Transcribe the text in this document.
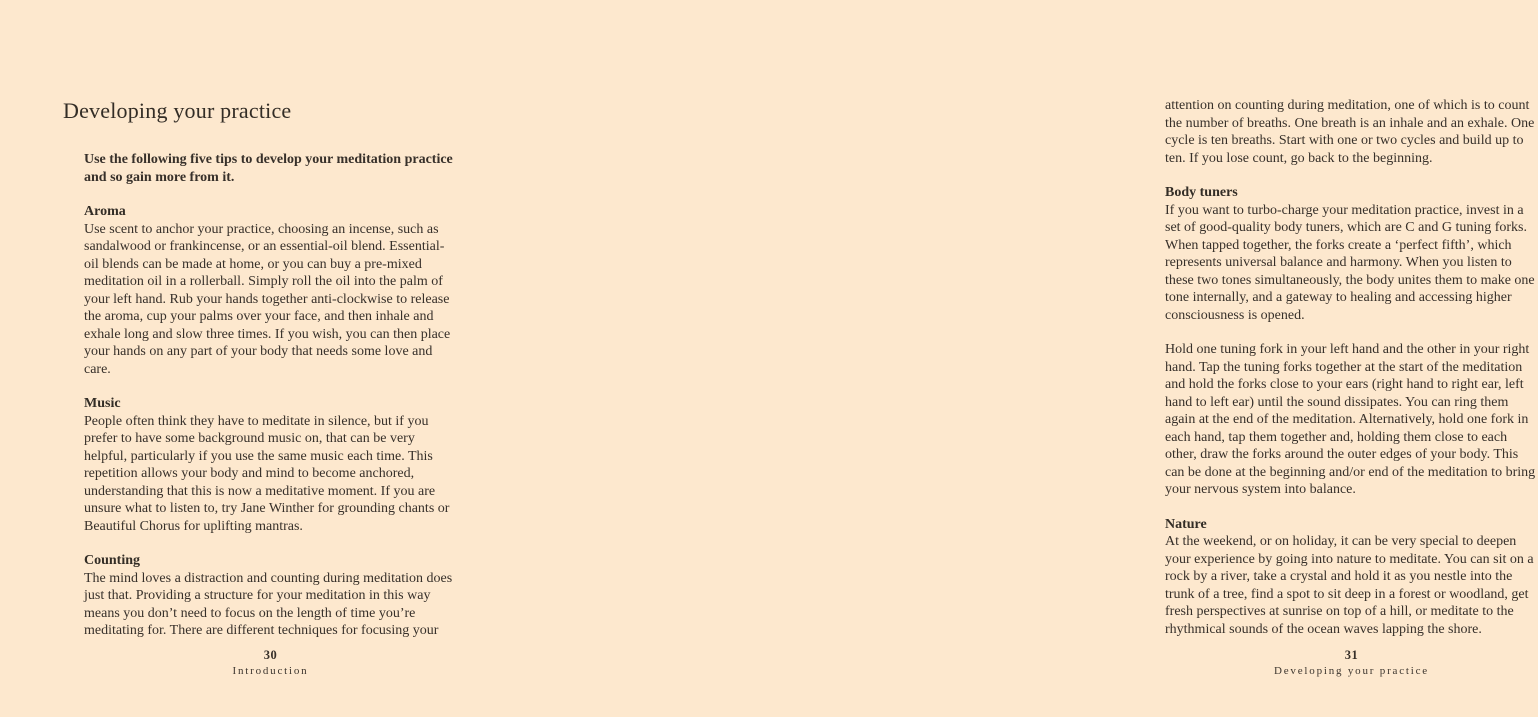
Developing your practice

Use the following five tips to develop your meditation practice and so gain more from it.

Aroma

Use scent to anchor your practice, choosing an incense, such as sandalwood or frankincense, or an essential-oil blend. Essential-oil blends can be made at home, or you can buy a pre-mixed meditation oil in a rollerball. Simply roll the oil into the palm of your left hand. Rub your hands together anti-clockwise to release the aroma, cup your palms over your face, and then inhale and exhale long and slow three times. If you wish, you can then place your hands on any part of your body that needs some love and care.

Music

People often think they have to meditate in silence, but if you prefer to have some background music on, that can be very helpful, particularly if you use the same music each time. This repetition allows your body and mind to become anchored, understanding that this is now a meditative moment. If you are unsure what to listen to, try Jane Winther for grounding chants or Beautiful Chorus for uplifting mantras.

Counting

The mind loves a distraction and counting during meditation does just that. Providing a structure for your meditation in this way means you don’t need to focus on the length of time you’re meditating for. There are different techniques for focusing your

30
Introduction

attention on counting during meditation, one of which is to count the number of breaths. One breath is an inhale and an exhale. One cycle is ten breaths. Start with one or two cycles and build up to ten. If you lose count, go back to the beginning.

Body tuners

If you want to turbo-charge your meditation practice, invest in a set of good-quality body tuners, which are C and G tuning forks. When tapped together, the forks create a ‘perfect fifth’, which represents universal balance and harmony. When you listen to these two tones simultaneously, the body unites them to make one tone internally, and a gateway to healing and accessing higher consciousness is opened.

Hold one tuning fork in your left hand and the other in your right hand. Tap the tuning forks together at the start of the meditation and hold the forks close to your ears (right hand to right ear, left hand to left ear) until the sound dissipates. You can ring them again at the end of the meditation. Alternatively, hold one fork in each hand, tap them together and, holding them close to each other, draw the forks around the outer edges of your body. This can be done at the beginning and/or end of the meditation to bring your nervous system into balance.

Nature

At the weekend, or on holiday, it can be very special to deepen your experience by going into nature to meditate. You can sit on a rock by a river, take a crystal and hold it as you nestle into the trunk of a tree, find a spot to sit deep in a forest or woodland, get fresh perspectives at sunrise on top of a hill, or meditate to the rhythmical sounds of the ocean waves lapping the shore.

31
Developing your practice
